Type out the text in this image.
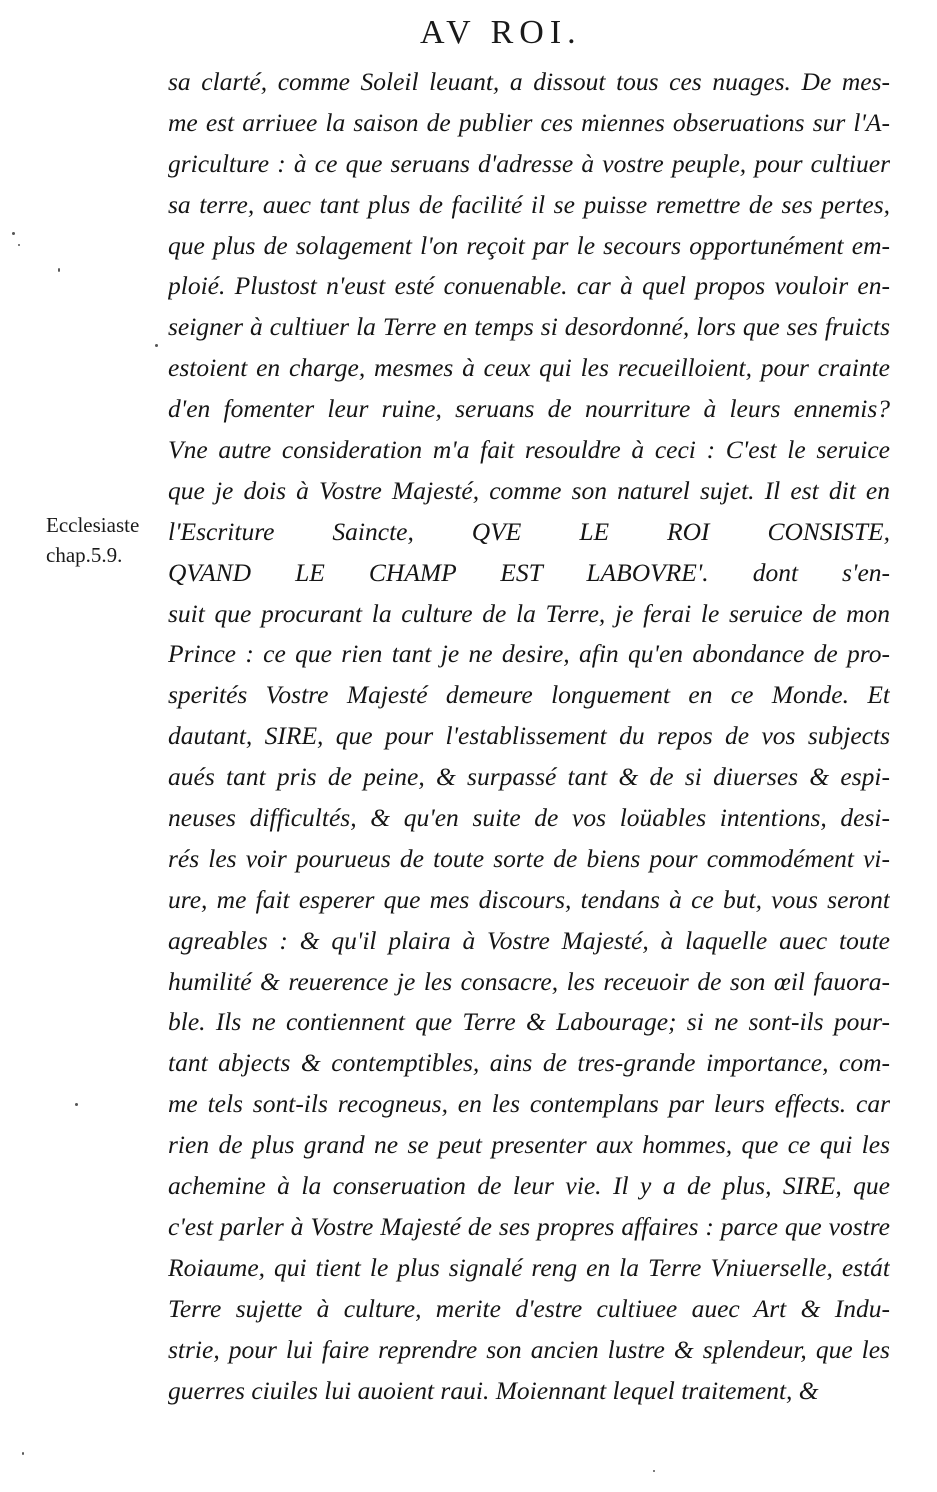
AV ROI.
Ecclesiaste
chap.5.9.
sa clarté, comme Soleil leuant, a dissout tous ces nuages. De mes-
me est arriuee la saison de publier ces miennes obseruations sur l'A-
griculture : à ce que seruans d'adresse à vostre peuple, pour cultiuer
sa terre, auec tant plus de facilité il se puisse remettre de ses pertes,
que plus de solagement l'on reçoit par le secours opportunément em-
ploié. Plustost n'eust esté conuenable. car à quel propos vouloir en-
seigner à cultiuer la Terre en temps si desordonné, lors que ses fruicts
estoient en charge, mesmes à ceux qui les recueilloient, pour crainte
d'en fomenter leur ruine, seruans de nourriture à leurs ennemis?
Vne autre consideration m'a fait resouldre à ceci : C'est le seruice
que je dois à Vostre Majesté, comme son naturel sujet. Il est dit en
l'Escriture Saincte, QVE LE ROI CONSISTE,
QVAND LE CHAMP EST LABOVRE'. dont s'en-
suit que procurant la culture de la Terre, je ferai le seruice de mon
Prince : ce que rien tant je ne desire, afin qu'en abondance de pro-
sperités Vostre Majesté demeure longuement en ce Monde. Et
dautant, SIRE, que pour l'establissement du repos de vos subjects
aués tant pris de peine, & surpassé tant & de si diuerses & espi-
neuses difficultés, & qu'en suite de vos loüables intentions, desi-
rés les voir pourueus de toute sorte de biens pour commodément vi-
ure, me fait esperer que mes discours, tendans à ce but, vous seront
agreables : & qu'il plaira à Vostre Majesté, à laquelle auec toute
humilité & reuerence je les consacre, les receuoir de son œil fauora-
ble. Ils ne contiennent que Terre & Labourage; si ne sont-ils pour-
tant abjects & contemptibles, ains de tres-grande importance, com-
me tels sont-ils recogneus, en les contemplans par leurs effects. car
rien de plus grand ne se peut presenter aux hommes, que ce qui les
achemine à la conseruation de leur vie. Il y a de plus, SIRE, que
c'est parler à Vostre Majesté de ses propres affaires : parce que vostre
Roiaume, qui tient le plus signalé reng en la Terre Vniuerselle, estát
Terre sujette à culture, merite d'estre cultiuee auec Art & Indu-
strie, pour lui faire reprendre son ancien lustre & splendeur, que les
guerres ciuiles lui auoient raui. Moiennant lequel traitement, &
